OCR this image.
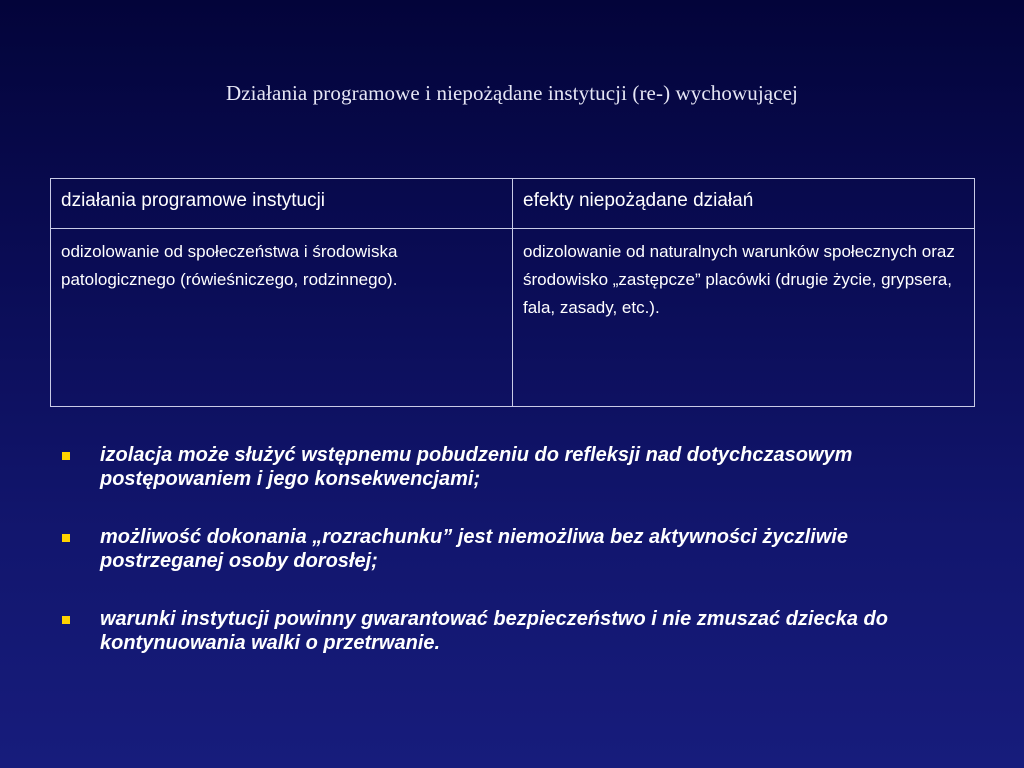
Działania programowe i niepożądane instytucji (re-) wychowującej
działania programowe instytucji	efekty niepożądane działań
odizolowanie od społeczeństwa i środowiska patologicznego (rówieśniczego, rodzinnego).	odizolowanie od naturalnych warunków społecznych oraz środowisko „zastępcze” placówki (drugie życie, grypsera, fala, zasady, etc.).
izolacja może służyć wstępnemu pobudzeniu do refleksji nad dotychczasowym postępowaniem i jego konsekwencjami;
możliwość dokonania „rozrachunku” jest niemożliwa bez aktywności życzliwie postrzeganej osoby dorosłej;
warunki instytucji powinny gwarantować bezpieczeństwo i nie zmuszać dziecka do kontynuowania walki o przetrwanie.
